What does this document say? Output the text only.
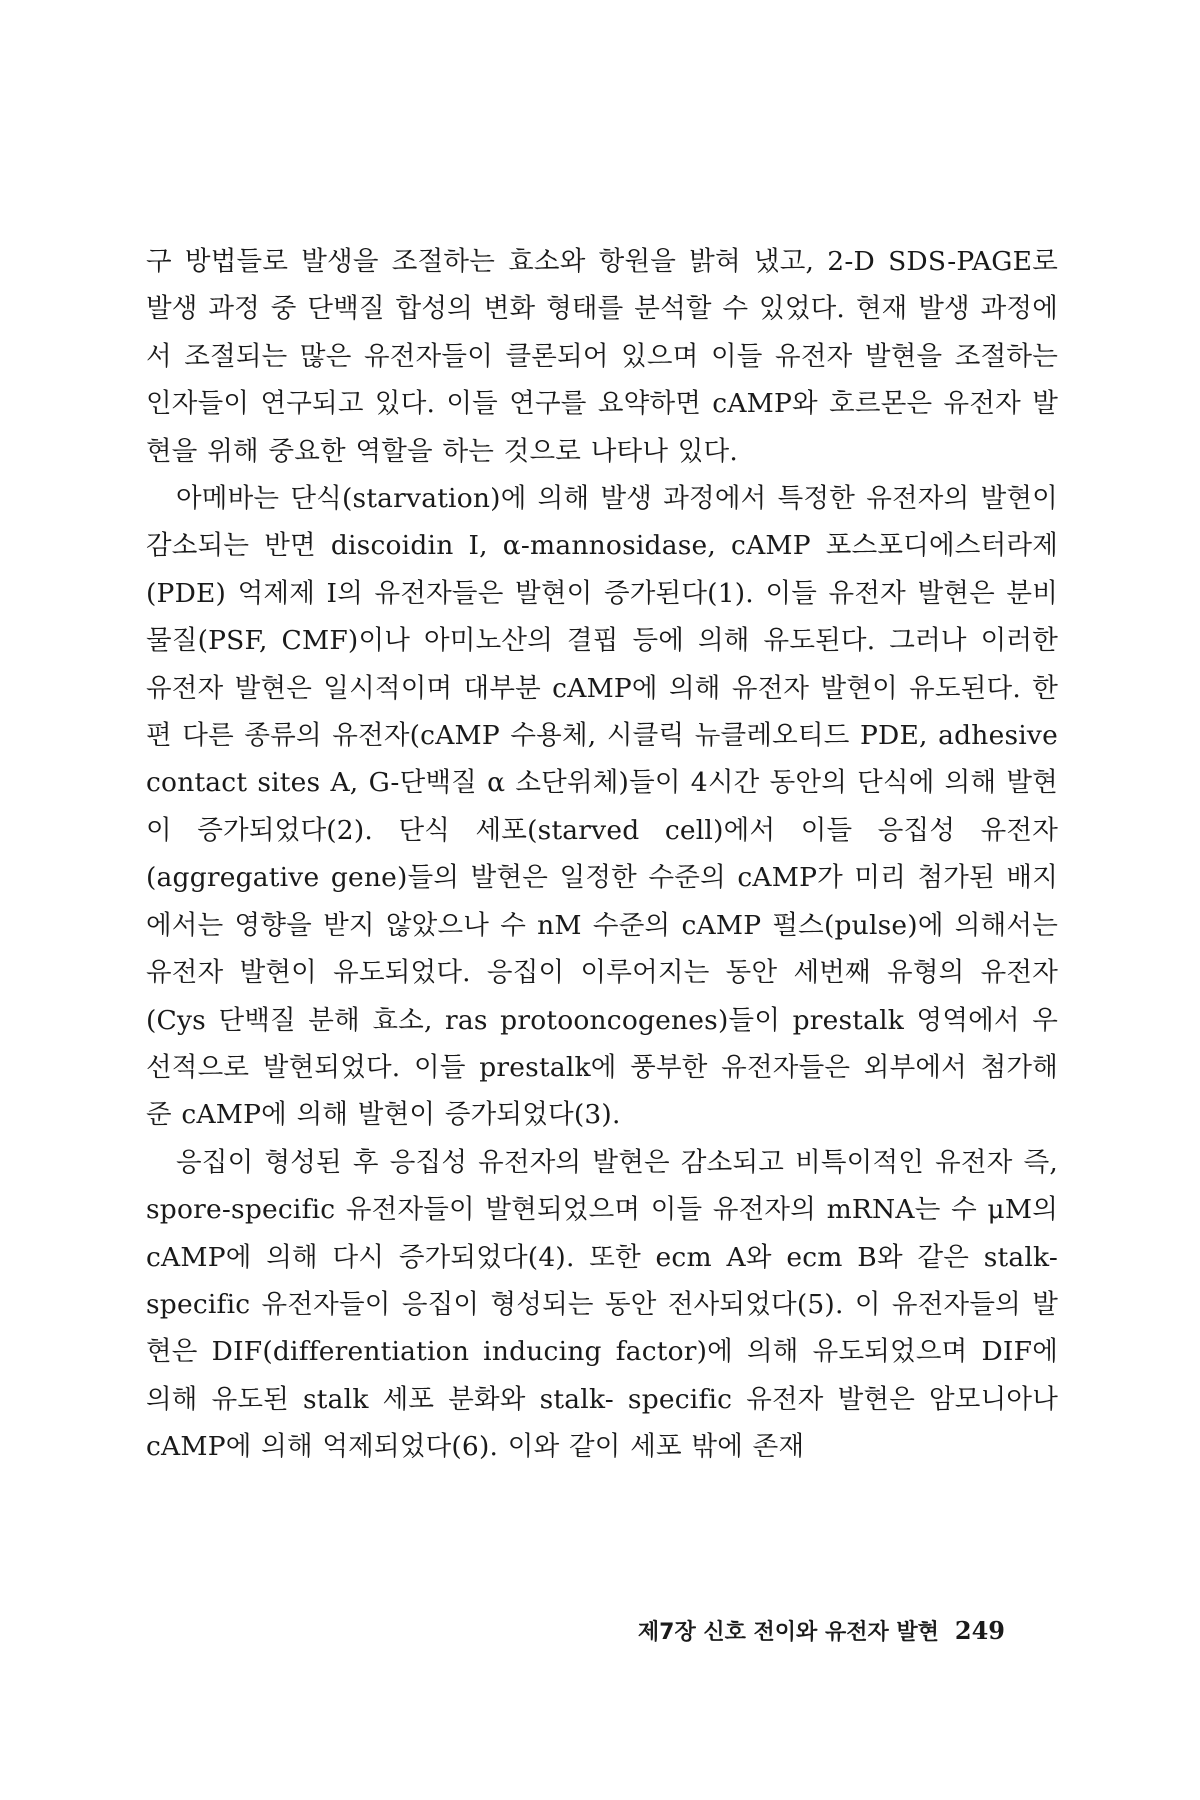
구 방법들로 발생을 조절하는 효소와 항원을 밝혀 냈고, 2-D SDS-PAGE로 발생 과정 중 단백질 합성의 변화 형태를 분석할 수 있었다. 현재 발생 과정에서 조절되는 많은 유전자들이 클론되어 있으며 이들 유전자 발현을 조절하는 인자들이 연구되고 있다. 이들 연구를 요약하면 cAMP와 호르몬은 유전자 발현을 위해 중요한 역할을 하는 것으로 나타나 있다.

아메바는 단식(starvation)에 의해 발생 과정에서 특정한 유전자의 발현이 감소되는 반면 discoidin I, α-mannosidase, cAMP 포스포디에스터라제(PDE) 억제제 I의 유전자들은 발현이 증가된다(1). 이들 유전자 발현은 분비 물질(PSF, CMF)이나 아미노산의 결핍 등에 의해 유도된다. 그러나 이러한 유전자 발현은 일시적이며 대부분 cAMP에 의해 유전자 발현이 유도된다. 한편 다른 종류의 유전자(cAMP 수용체, 시클릭 뉴클레오티드 PDE, adhesive contact sites A, G-단백질 α 소단위체)들이 4시간 동안의 단식에 의해 발현이 증가되었다(2). 단식 세포(starved cell)에서 이들 응집성 유전자(aggregative gene)들의 발현은 일정한 수준의 cAMP가 미리 첨가된 배지에서는 영향을 받지 않았으나 수 nM 수준의 cAMP 펄스(pulse)에 의해서는 유전자 발현이 유도되었다. 응집이 이루어지는 동안 세번째 유형의 유전자(Cys 단백질 분해 효소, ras protooncogenes)들이 prestalk 영역에서 우선적으로 발현되었다. 이들 prestalk에 풍부한 유전자들은 외부에서 첨가해 준 cAMP에 의해 발현이 증가되었다(3).

응집이 형성된 후 응집성 유전자의 발현은 감소되고 비특이적인 유전자 즉, spore-specific 유전자들이 발현되었으며 이들 유전자의 mRNA는 수 μM의 cAMP에 의해 다시 증가되었다(4). 또한 ecm A와 ecm B와 같은 stalk-specific 유전자들이 응집이 형성되는 동안 전사되었다(5). 이 유전자들의 발현은 DIF(differentiation inducing factor)에 의해 유도되었으며 DIF에 의해 유도된 stalk 세포 분화와 stalk- specific 유전자 발현은 암모니아나 cAMP에 의해 억제되었다(6). 이와 같이 세포 밖에 존재

제7장 신호 전이와 유전자 발현 249
